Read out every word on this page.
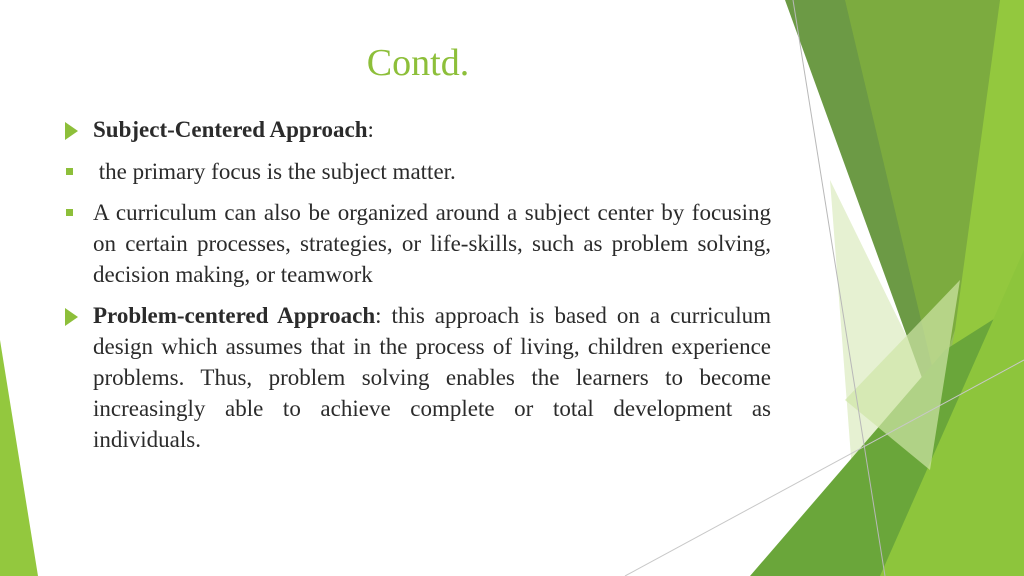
Contd.
Subject-Centered Approach:
the primary focus is the subject matter.
A curriculum can also be organized around a subject center by focusing on certain processes, strategies, or life-skills, such as problem solving, decision making, or teamwork
Problem-centered Approach: this approach is based on a curriculum design which assumes that in the process of living, children experience problems. Thus, problem solving enables the learners to become increasingly able to achieve complete or total development as individuals.
